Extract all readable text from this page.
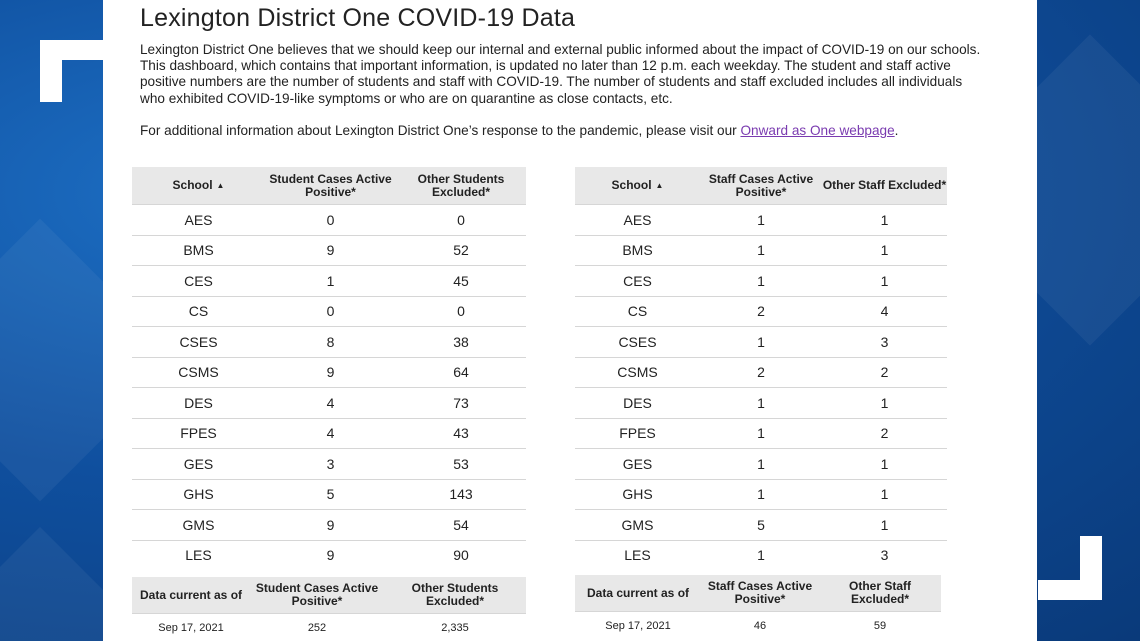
Lexington District One COVID-19 Data
Lexington District One believes that we should keep our internal and external public informed about the impact of COVID-19 on our schools. This dashboard, which contains that important information, is updated no later than 12 p.m. each weekday. The student and staff active positive numbers are the number of students and staff with COVID-19. The number of students and staff excluded includes all individuals who exhibited COVID-19-like symptoms or who are on quarantine as close contacts, etc.
For additional information about Lexington District One’s response to the pandemic, please visit our Onward as One webpage.
School ▲	Student Cases Active Positive*	Other Students Excluded*
AES	0	0
BMS	9	52
CES	1	45
CS	0	0
CSES	8	38
CSMS	9	64
DES	4	73
FPES	4	43
GES	3	53
GHS	5	143
GMS	9	54
LES	9	90
School ▲	Staff Cases Active Positive*	Other Staff Excluded*
AES	1	1
BMS	1	1
CES	1	1
CS	2	4
CSES	1	3
CSMS	2	2
DES	1	1
FPES	1	2
GES	1	1
GHS	1	1
GMS	5	1
LES	1	3
Data current as of	Student Cases Active Positive*	Other Students Excluded*
Sep 17, 2021	252	2,335
Data current as of	Staff Cases Active Positive*	Other Staff Excluded*
Sep 17, 2021	46	59
